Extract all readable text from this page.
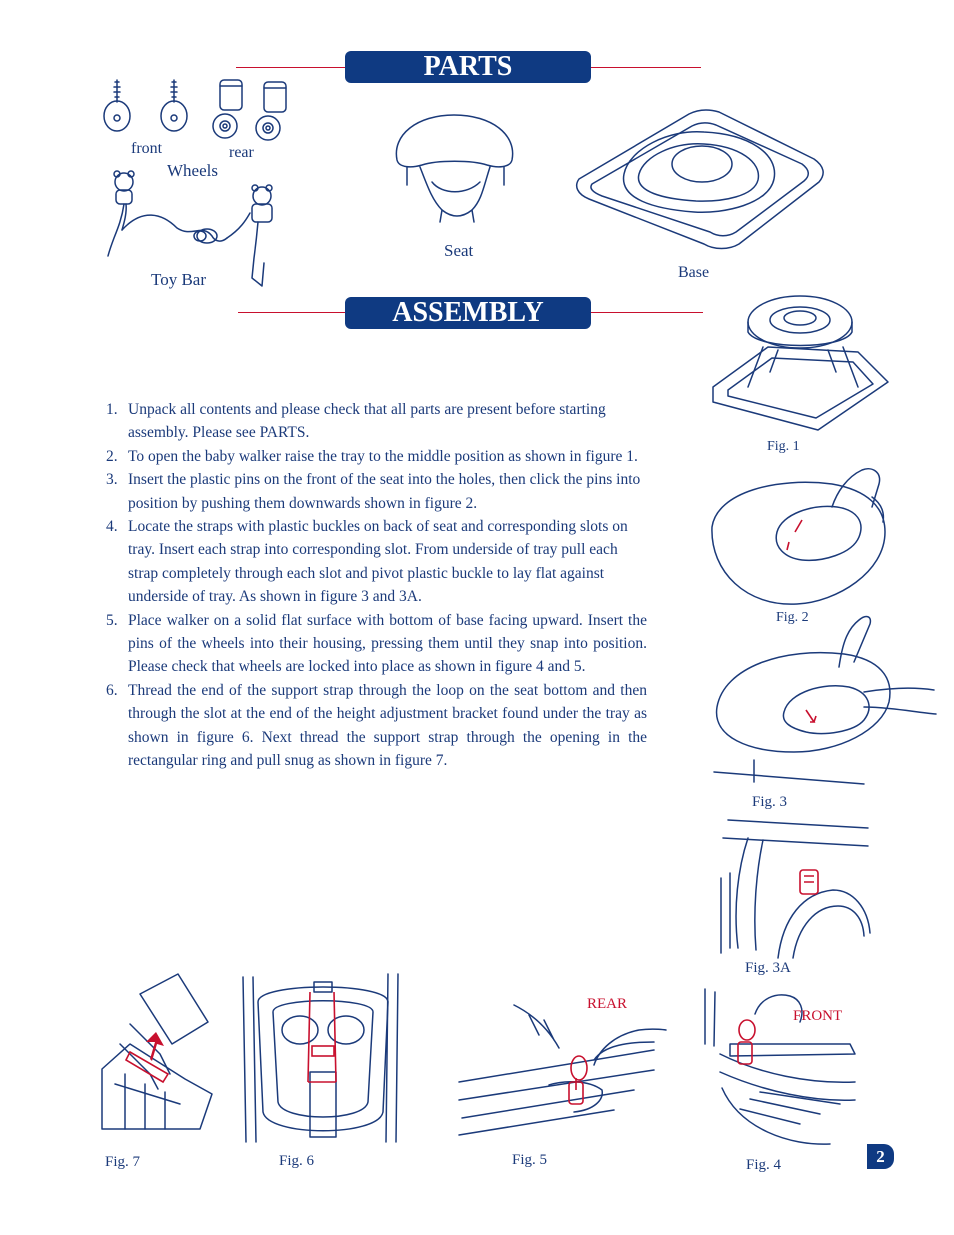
PARTS
front	rear
Wheels
Toy Bar
Seat
Base
ASSEMBLY
1. Unpack all contents and please check that all parts are present before starting assembly. Please see PARTS.
2. To open the baby walker raise the tray to the middle position as shown in figure 1.
3. Insert the plastic pins on the front of the seat into the holes, then click the pins into position by pushing them downwards shown in figure 2.
4. Locate the straps with plastic buckles on back of seat and corresponding slots on tray. Insert each strap into corresponding slot. From underside of tray pull each strap completely through each slot and pivot plastic buckle to lay flat against underside of tray. As shown in figure 3 and 3A.
5. Place walker on a solid flat surface with bottom of base facing upward. Insert the pins of the wheels into their housing, pressing them until they snap into position. Please check that wheels are locked into place as shown in figure 4 and 5.
6. Thread the end of the support strap through the loop on the seat bottom and then through the slot at the end of the height adjustment bracket found under the tray as shown in figure 6. Next thread the support strap through the opening in the rectangular ring and pull snug as shown in figure 7.
Fig. 1
Fig. 2
Fig. 3
Fig. 3A
Fig. 7	Fig. 6
REAR
Fig. 5
FRONT
Fig. 4	2
